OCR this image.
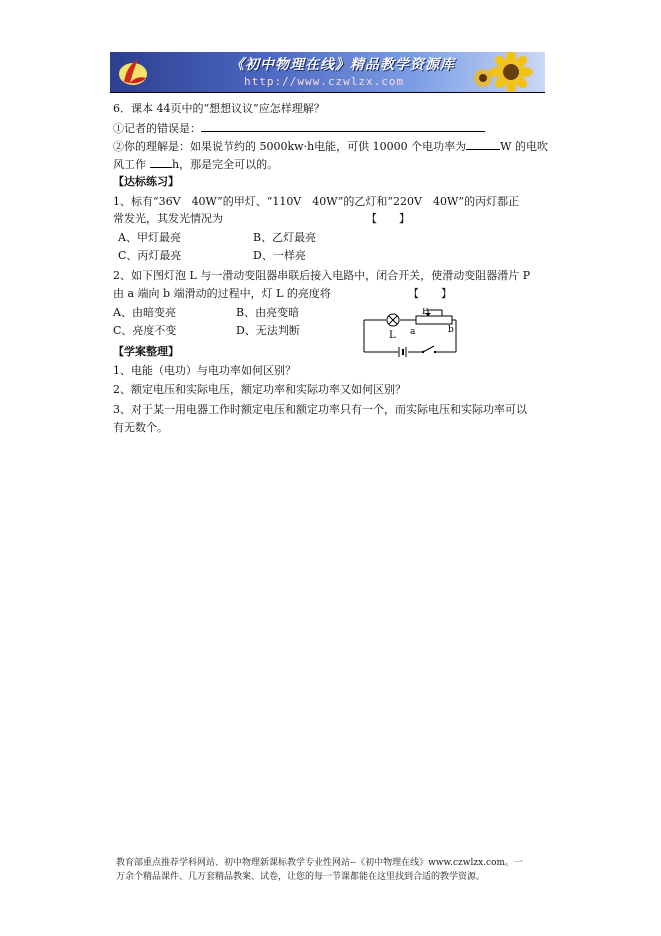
《初中物理在线》精品教学资源库
http://www.czwlzx.com
6．课本 44页中的“想想议议”应怎样理解？
①记者的错误是：
②你的理解是：如果说节约的 5000kw·h电能，可供 10000 个电功率为	W 的电吹
风工作 h，那是完全可以的。
【达标练习】
1、标有“36V　40W”的甲灯、“110V　40W”的乙灯和“220V　40W”的丙灯都正
常发光，其发光情况为	【　　】
A、甲灯最亮	B、乙灯最亮
C、丙灯最亮	D、一样亮
2、如下图灯泡 L 与一滑动变阻器串联后接入电路中，闭合开关，使滑动变阻器滑片 P
由 a 端向 b 端滑动的过程中，灯 L 的亮度将	【　　】
A、由暗变亮	B、由亮变暗
C、亮度不变	D、无法判断	L
P
a	b
【学案整理】
1、电能（电功）与电功率如何区别？
2、额定电压和实际电压，额定功率和实际功率又如何区别？
3、对于某一用电器工作时额定电压和额定功率只有一个，而实际电压和实际功率可以
有无数个。
教育部重点推荐学科网站、初中物理新课标教学专业性网站--《初中物理在线》www.czwlzx.com。一
万余个精品课件、几万套精品教案、试卷，让您的每一节课都能在这里找到合适的教学资源。
